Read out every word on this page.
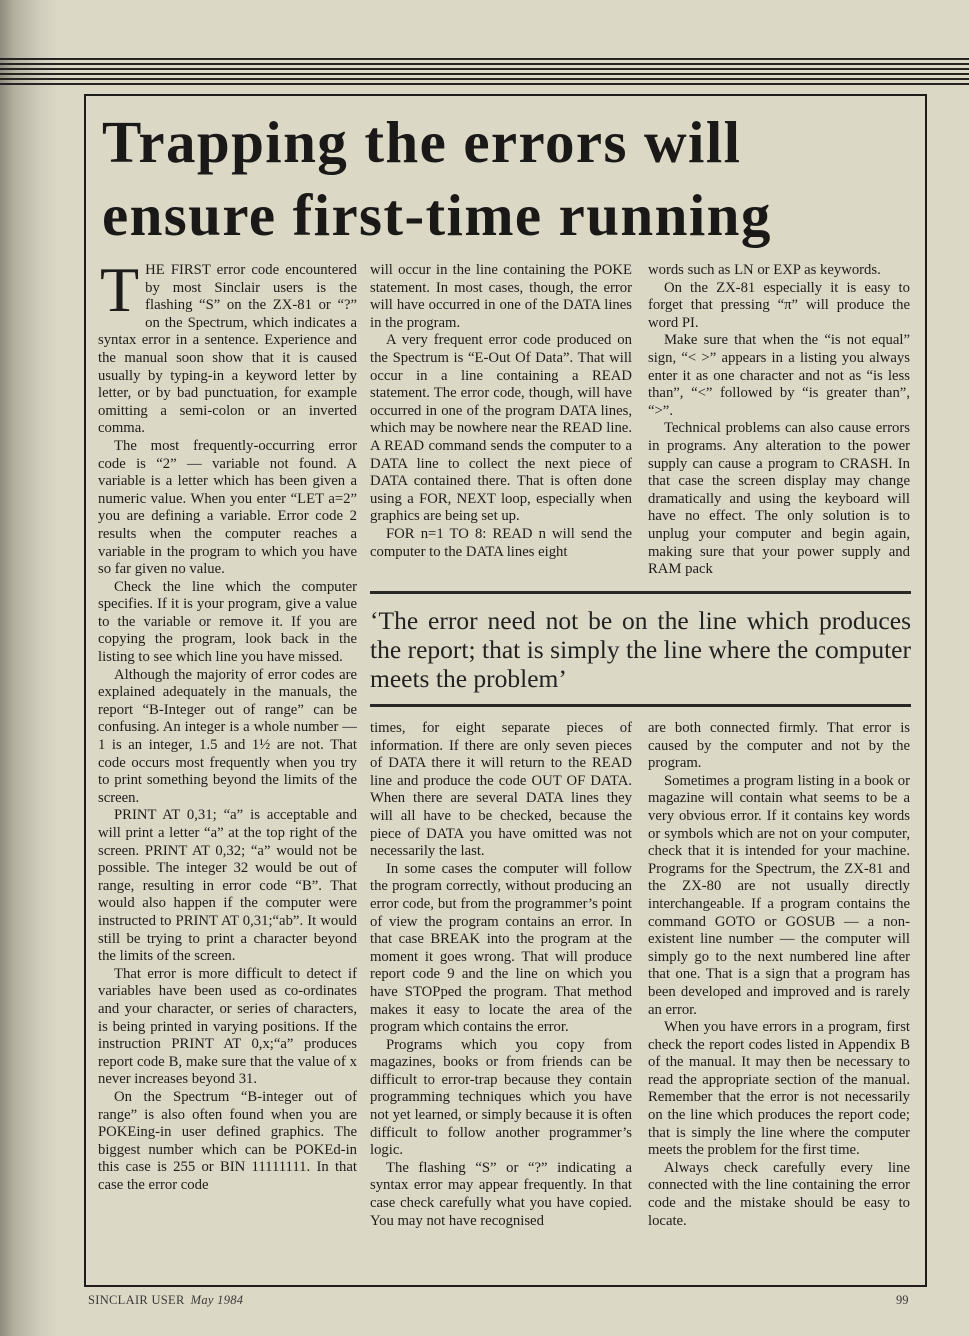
Trapping the errors will ensure first-time running

THE FIRST error code encountered by most Sinclair users is the flashing “S” on the ZX-81 or “?” on the Spectrum, which indicates a syntax error in a sentence. Experience and the manual soon show that it is caused usually by typing-in a keyword letter by letter, or by bad punctuation, for example omitting a semi-colon or an inverted comma.

The most frequently-occurring error code is “2” — variable not found. A variable is a letter which has been given a numeric value. When you enter “LET a=2” you are defining a variable. Error code 2 results when the computer reaches a variable in the program to which you have so far given no value.

Check the line which the computer specifies. If it is your program, give a value to the variable or remove it. If you are copying the program, look back in the listing to see which line you have missed.

Although the majority of error codes are explained adequately in the manuals, the report “B-Integer out of range” can be confusing. An integer is a whole number — 1 is an integer, 1.5 and 1½ are not. That code occurs most frequently when you try to print something beyond the limits of the screen.

PRINT AT 0,31; “a” is acceptable and will print a letter “a” at the top right of the screen. PRINT AT 0,32; “a” would not be possible. The integer 32 would be out of range, resulting in error code “B”. That would also happen if the computer were instructed to PRINT AT 0,31;“ab”. It would still be trying to print a character beyond the limits of the screen.

That error is more difficult to detect if variables have been used as co-ordinates and your character, or series of characters, is being printed in varying positions. If the instruction PRINT AT 0,x;“a” produces report code B, make sure that the value of x never increases beyond 31.

On the Spectrum “B-integer out of range” is also often found when you are POKEing-in user defined graphics. The biggest number which can be POKEd-in this case is 255 or BIN 11111111. In that case the error code

will occur in the line containing the POKE statement. In most cases, though, the error will have occurred in one of the DATA lines in the program.

A very frequent error code produced on the Spectrum is “E-Out Of Data”. That will occur in a line containing a READ statement. The error code, though, will have occurred in one of the program DATA lines, which may be nowhere near the READ line. A READ command sends the computer to a DATA line to collect the next piece of DATA contained there. That is often done using a FOR, NEXT loop, especially when graphics are being set up.

FOR n=1 TO 8: READ n will send the computer to the DATA lines eight

words such as LN or EXP as keywords.

On the ZX-81 especially it is easy to forget that pressing “π” will produce the word PI.

Make sure that when the “is not equal” sign, “< >” appears in a listing you always enter it as one character and not as “is less than”, “<” followed by “is greater than”, “>”.

Technical problems can also cause errors in programs. Any alteration to the power supply can cause a program to CRASH. In that case the screen display may change dramatically and using the keyboard will have no effect. The only solution is to unplug your computer and begin again, making sure that your power supply and RAM pack

‘The error need not be on the line which produces the report; that is simply the line where the computer meets the problem’

times, for eight separate pieces of information. If there are only seven pieces of DATA there it will return to the READ line and produce the code OUT OF DATA. When there are several DATA lines they will all have to be checked, because the piece of DATA you have omitted was not necessarily the last.

In some cases the computer will follow the program correctly, without producing an error code, but from the programmer’s point of view the program contains an error. In that case BREAK into the program at the moment it goes wrong. That will produce report code 9 and the line on which you have STOPped the program. That method makes it easy to locate the area of the program which contains the error.

Programs which you copy from magazines, books or from friends can be difficult to error-trap because they contain programming techniques which you have not yet learned, or simply because it is often difficult to follow another programmer’s logic.

The flashing “S” or “?” indicating a syntax error may appear frequently. In that case check carefully what you have copied. You may not have recognised

are both connected firmly. That error is caused by the computer and not by the program.

Sometimes a program listing in a book or magazine will contain what seems to be a very obvious error. If it contains key words or symbols which are not on your computer, check that it is intended for your machine. Programs for the Spectrum, the ZX-81 and the ZX-80 are not usually directly interchangeable. If a program contains the command GOTO or GOSUB — a non-existent line number — the computer will simply go to the next numbered line after that one. That is a sign that a program has been developed and improved and is rarely an error.

When you have errors in a program, first check the report codes listed in Appendix B of the manual. It may then be necessary to read the appropriate section of the manual. Remember that the error is not necessarily on the line which produces the report code; that is simply the line where the computer meets the problem for the first time.

Always check carefully every line connected with the line containing the error code and the mistake should be easy to locate.

SINCLAIR USER May 1984	99
